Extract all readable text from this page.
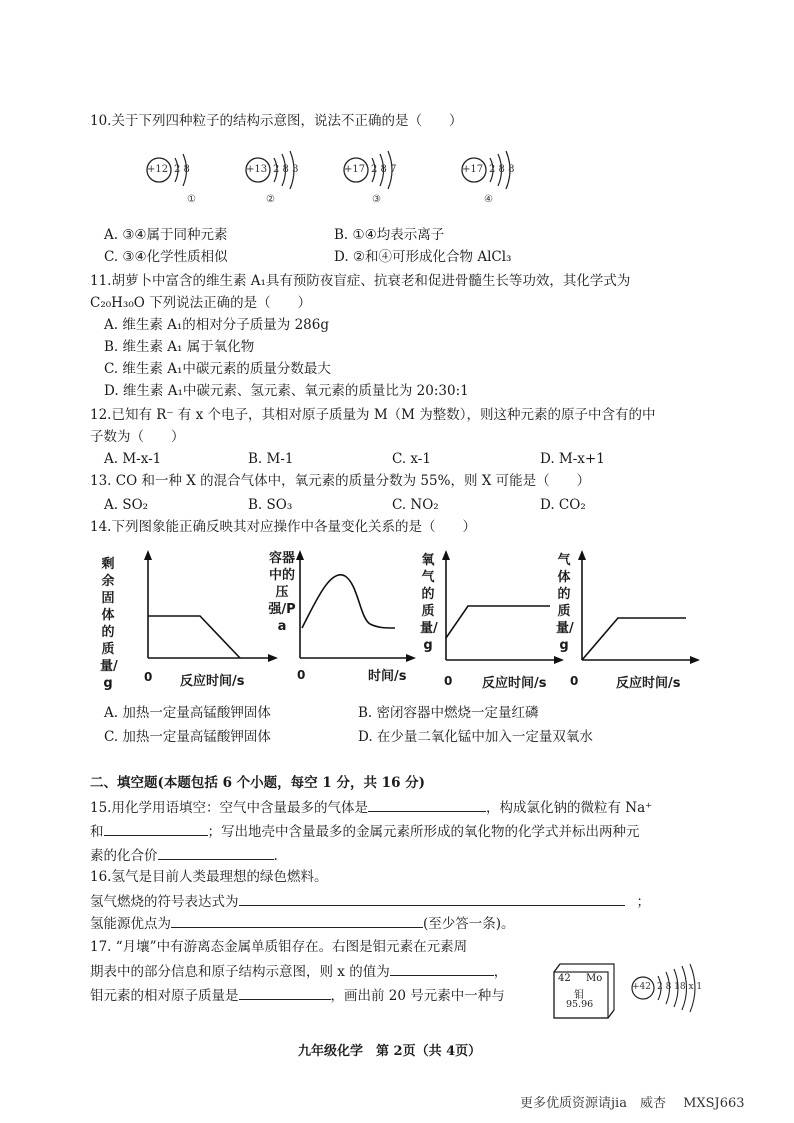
10.关于下列四种粒子的结构示意图，说法不正确的是（　　）
+12 2 8
①
+13 2 8 3
②
+17 2 8 7
③
+17 2 8 8
④
A. ③④属于同种元素	B. ①④均表示离子
C. ③④化学性质相似	D. ②和④可形成化合物 AlCl₃
11.胡萝卜中富含的维生素 A₁具有预防夜盲症、抗衰老和促进骨髓生长等功效，其化学式为
C₂₀H₃₀O 下列说法正确的是（　　）
A. 维生素 A₁的相对分子质量为 286g
B. 维生素 A₁ 属于氧化物
C. 维生素 A₁中碳元素的质量分数最大
D. 维生素 A₁中碳元素、氢元素、氧元素的质量比为 20:30:1
12.已知有 R⁻ 有 x 个电子，其相对原子质量为 M（M 为整数），则这种元素的原子中含有的中
子数为（　　）
A. M-x-1	B. M-1	C. x-1	D. M-x+1
13. CO 和一种 X 的混合气体中，氧元素的质量分数为 55%，则 X 可能是（　　）
A. SO₂	B. SO₃	C. NO₂	D. CO₂
14.下列图象能正确反映其对应操作中各量变化关系的是（　　）
剩余固体的质量/g	0 反应时间/s
容器中的压强/Pa
0	时间/s
氧气的质量/g
0 反应时间/s
气体的质量/g
0	反应时间/s
A. 加热一定量高锰酸钾固体	B. 密闭容器中燃烧一定量红磷
C. 加热一定量高锰酸钾固体	D. 在少量二氧化锰中加入一定量双氧水
二、填空题(本题包括 6 个小题，每空 1 分，共 16 分)
15.用化学用语填空：空气中含量最多的气体是	，构成氯化钠的微粒有 Na⁺
和	；写出地壳中含量最多的金属元素所形成的氧化物的化学式并标出两种元
素的化合价	.
16.氢气是目前人类最理想的绿色燃料。
氢气燃烧的符号表达式为	；
氢能源优点为	(至少答一条)。
17. “月壤”中有游离态金属单质钼存在。右图是钼元素在元素周
期表中的部分信息和原子结构示意图，则 x 的值为	，
钼元素的相对原子质量是	，画出前 20 号元素中一种与
42 Mo
钼
95.96
+42 2 8 18 x 1
九年级化学　第 2页（共 4页）
更多优质资源请jia　威杏　 MXSJ663
